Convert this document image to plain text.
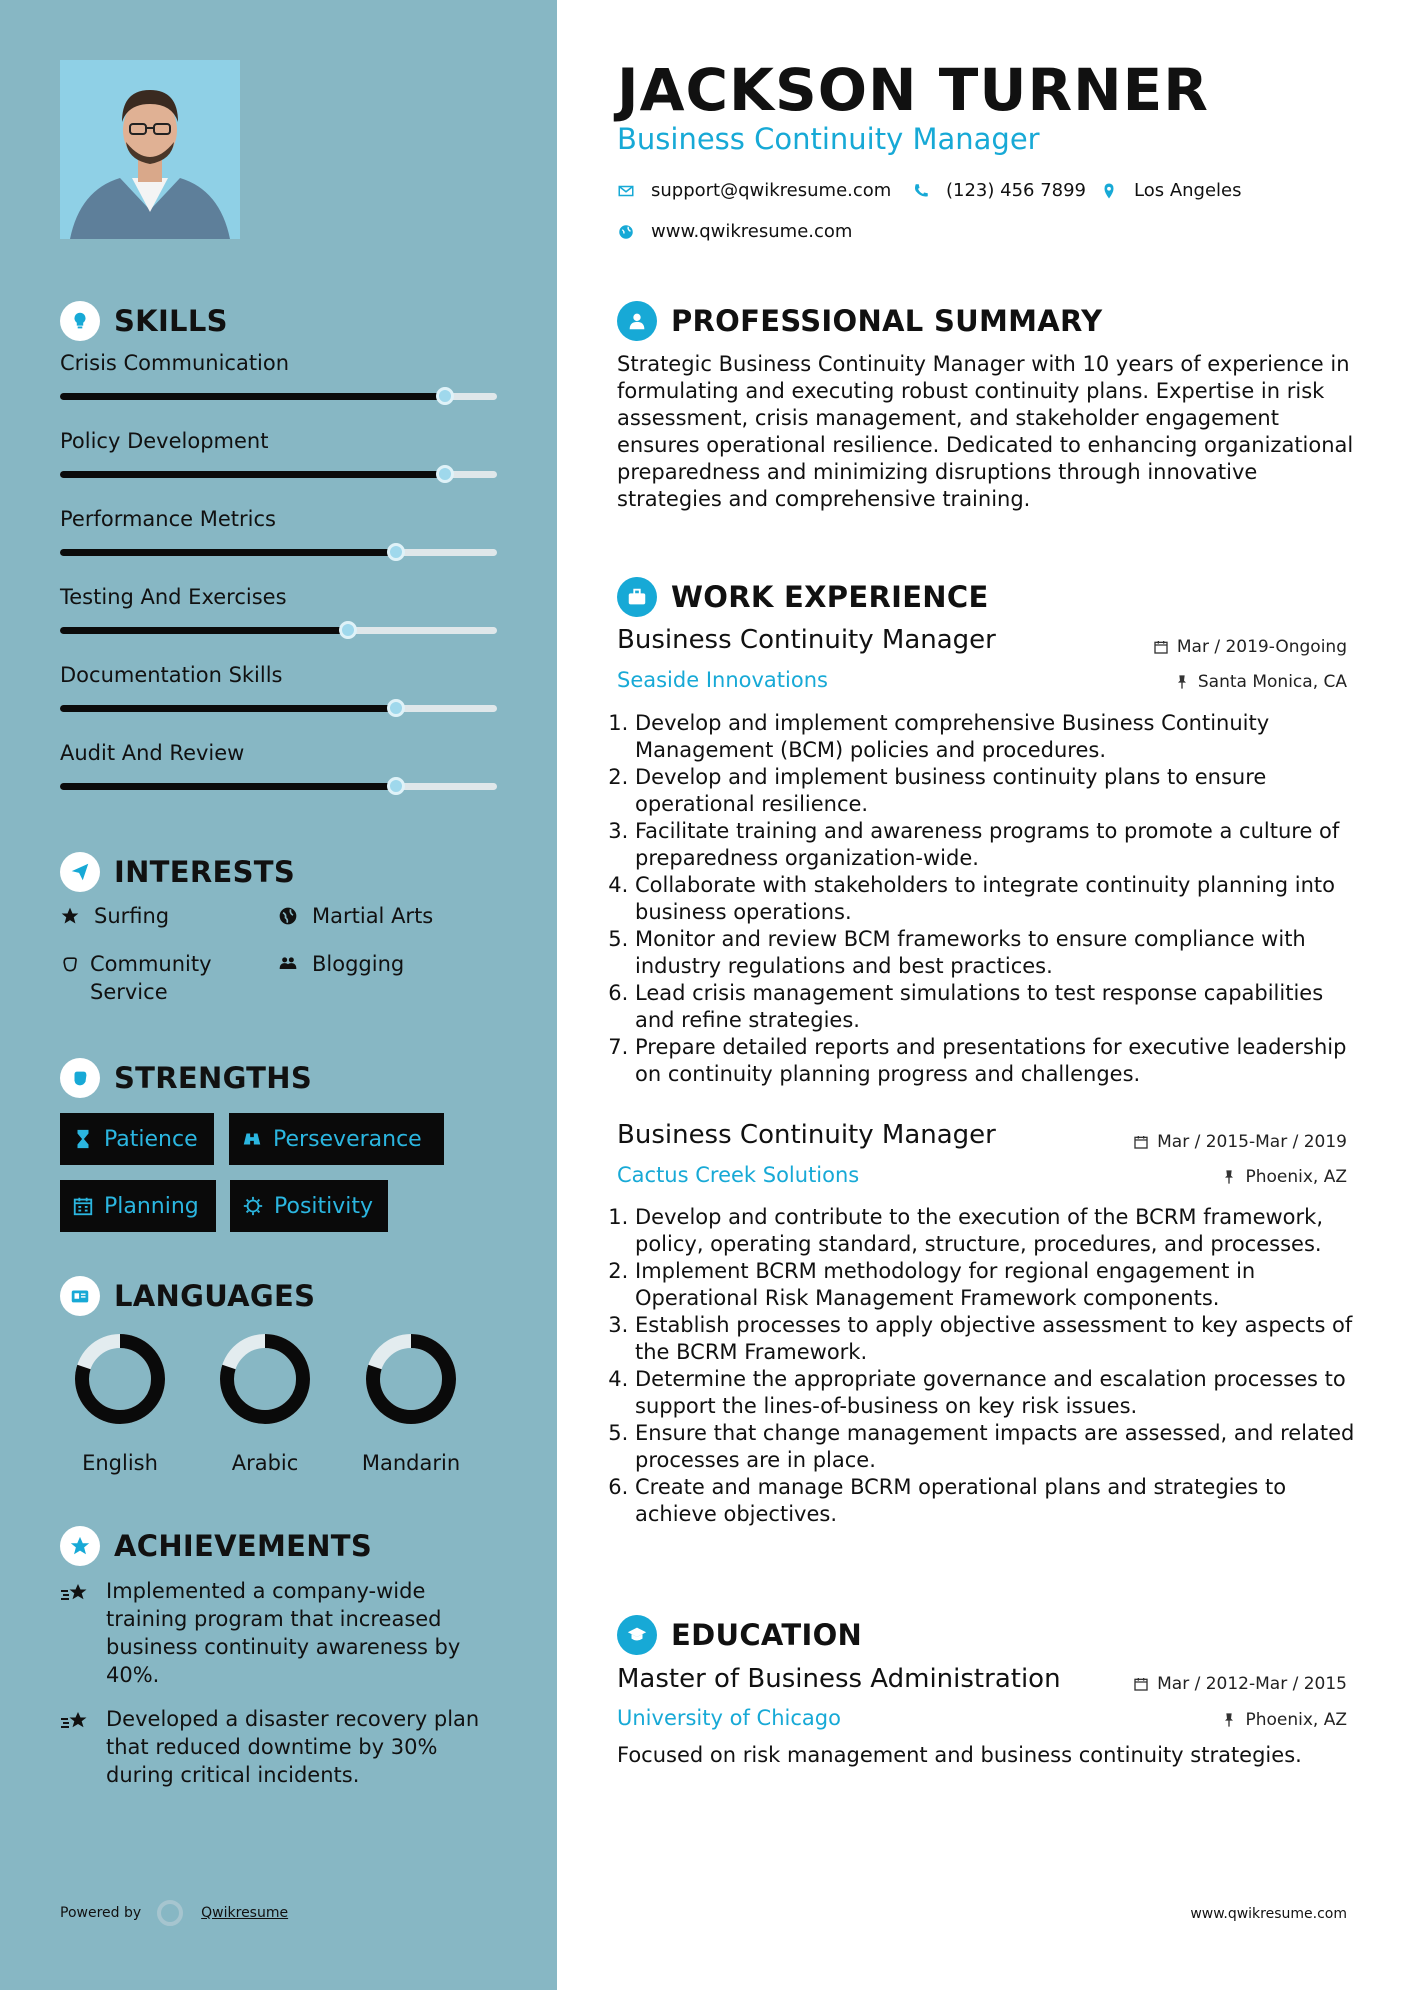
SKILLS
Crisis Communication
Policy Development
Performance Metrics
Testing And Exercises
Documentation Skills
Audit And Review
INTERESTS
Surfing	Martial Arts
Community Service
Blogging
STRENGTHS
Patience	Perseverance
Planning	Positivity
LANGUAGES
English	Arabic	Mandarin
ACHIEVEMENTS
Implemented a company-wide training program that increased business continuity awareness by 40%.
Developed a disaster recovery plan that reduced downtime by 30% during critical incidents.
Powered by	Qwikresume
JACKSON TURNER
Business Continuity Manager
support@qwikresume.com	(123) 456 7899	Los Angeles
www.qwikresume.com
PROFESSIONAL SUMMARY
Strategic Business Continuity Manager with 10 years of experience in formulating and executing robust continuity plans. Expertise in risk assessment, crisis management, and stakeholder engagement ensures operational resilience. Dedicated to enhancing organizational preparedness and minimizing disruptions through innovative strategies and comprehensive training.
WORK EXPERIENCE
Business Continuity Manager	Mar / 2019-Ongoing
Seaside Innovations	Santa Monica, CA
1. Develop and implement comprehensive Business Continuity Management (BCM) policies and procedures.
2. Develop and implement business continuity plans to ensure operational resilience.
3. Facilitate training and awareness programs to promote a culture of preparedness organization-wide.
4. Collaborate with stakeholders to integrate continuity planning into business operations.
5. Monitor and review BCM frameworks to ensure compliance with industry regulations and best practices.
6. Lead crisis management simulations to test response capabilities and refine strategies.
7. Prepare detailed reports and presentations for executive leadership on continuity planning progress and challenges.
Business Continuity Manager	Mar / 2015-Mar / 2019
Cactus Creek Solutions	Phoenix, AZ
1. Develop and contribute to the execution of the BCRM framework, policy, operating standard, structure, procedures, and processes.
2. Implement BCRM methodology for regional engagement in Operational Risk Management Framework components.
3. Establish processes to apply objective assessment to key aspects of the BCRM Framework.
4. Determine the appropriate governance and escalation processes to support the lines-of-business on key risk issues.
5. Ensure that change management impacts are assessed, and related processes are in place.
6. Create and manage BCRM operational plans and strategies to achieve objectives.
EDUCATION
Master of Business Administration	Mar / 2012-Mar / 2015
University of Chicago	Phoenix, AZ
Focused on risk management and business continuity strategies.
www.qwikresume.com
